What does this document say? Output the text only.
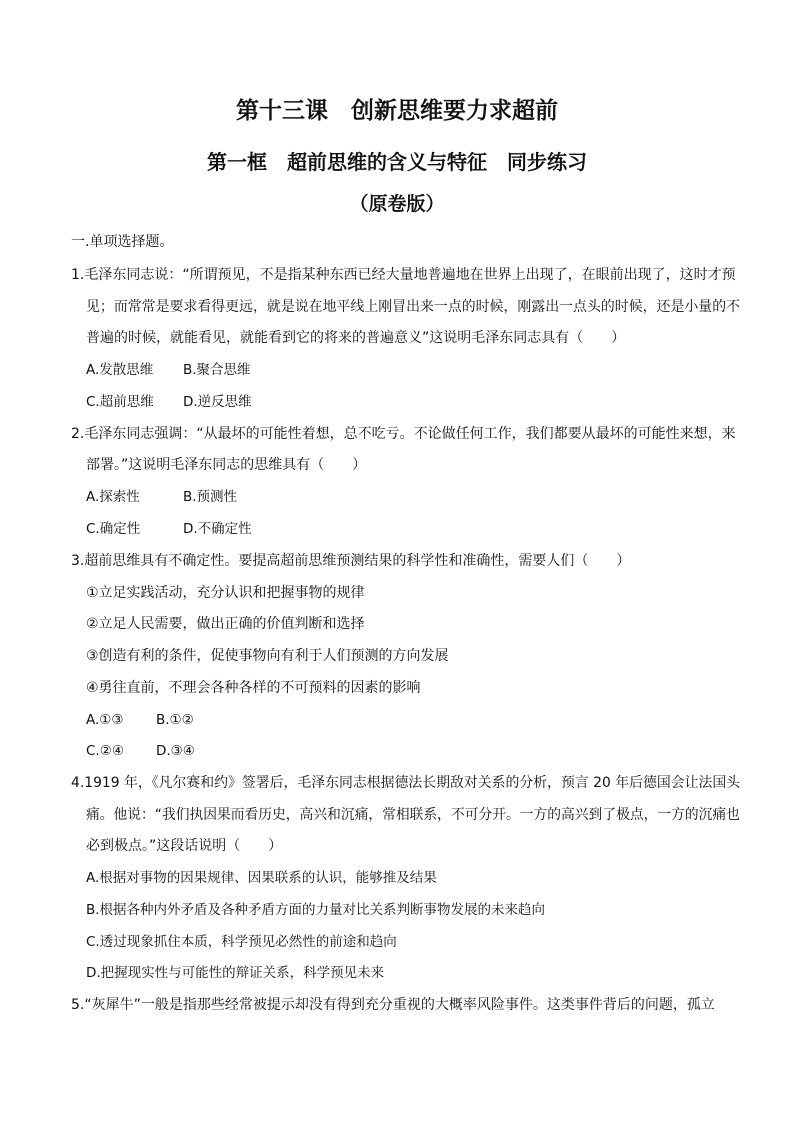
第十三课　创新思维要力求超前
第一框　超前思维的含义与特征　同步练习
（原卷版）
一.单项选择题。
1.毛泽东同志说：“所谓预见，不是指某种东西已经大量地普遍地在世界上出现了，在眼前出现了，这时才预
见；而常常是要求看得更远，就是说在地平线上刚冒出来一点的时候，刚露出一点头的时候，还是小量的不
普遍的时候，就能看见，就能看到它的将来的普遍意义”这说明毛泽东同志具有（　　）
A.发散思维 B.聚合思维
C.超前思维 D.逆反思维
2.毛泽东同志强调：“从最坏的可能性着想，总不吃亏。不论做任何工作，我们都要从最坏的可能性来想，来
部署。”这说明毛泽东同志的思维具有（　　）
A.探索性	B.预测性
C.确定性	D.不确定性
3.超前思维具有不确定性。要提高超前思维预测结果的科学性和准确性，需要人们（　　）
①立足实践活动，充分认识和把握事物的规律
②立足人民需要，做出正确的价值判断和选择
③创造有利的条件，促使事物向有利于人们预测的方向发展
④勇往直前，不理会各种各样的不可预料的因素的影响
A.①③ B.①②
C.②④ D.③④
4.1919 年，《凡尔赛和约》签署后，毛泽东同志根据德法长期敌对关系的分析，预言 20 年后德国会让法国头
痛。他说：“我们执因果而看历史，高兴和沉痛，常相联系，不可分开。一方的高兴到了极点，一方的沉痛也
必到极点。”这段话说明（　　）
A.根据对事物的因果规律、因果联系的认识，能够推及结果
B.根据各种内外矛盾及各种矛盾方面的力量对比关系判断事物发展的未来趋向
C.透过现象抓住本质，科学预见必然性的前途和趋向
D.把握现实性与可能性的辩证关系，科学预见未来
5.“灰犀牛”一般是指那些经常被提示却没有得到充分重视的大概率风险事件。这类事件背后的问题，孤立
